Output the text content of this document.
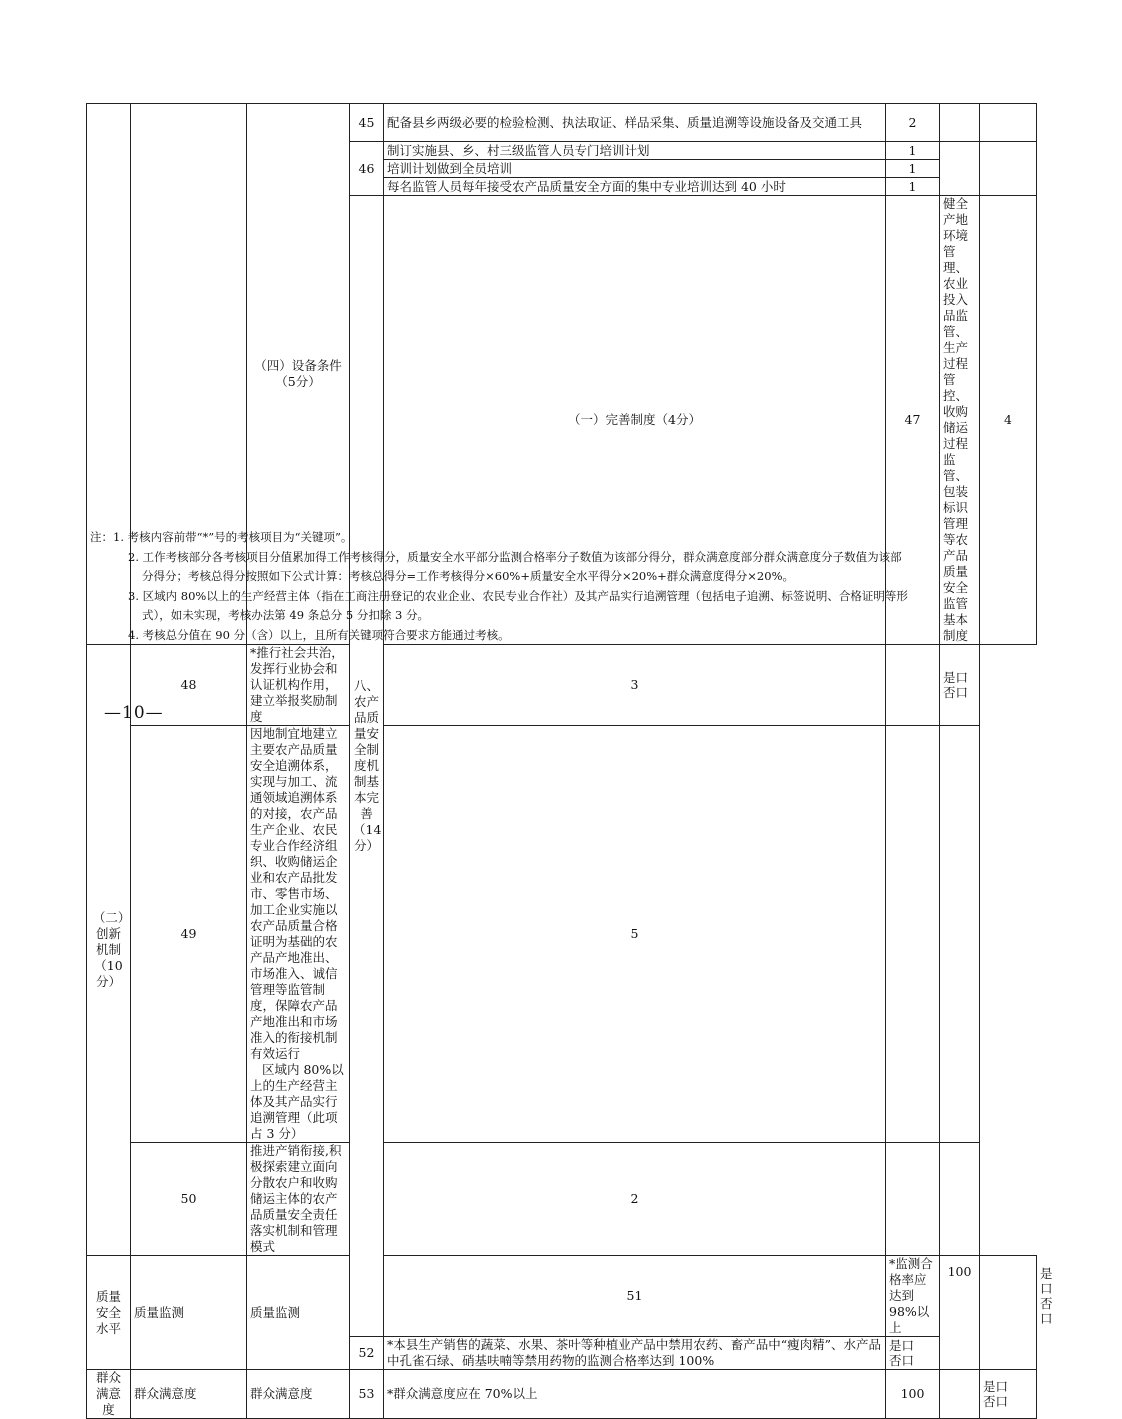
		（四）设备条件（5分）	45	配备县乡两级必要的检验检测、执法取证、样品采集、质量追溯等设施设备及交通工具	2			
			46	制订实施县、乡、村三级监管人员专门培训计划	1			
				培训计划做到全员培训	1			
				每名监管人员每年接受农产品质量安全方面的集中专业培训达到 40 小时	1			
			八、农产品质量安全制度机制基本完善（14分）	（一）完善制度（4分）	47	健全产地环境管理、农业投入品监管、生产过程管控、收购储运过程监管、包装标识管理等农产品质量安全监管基本制度	4		
（二）创新机制（10分）	48	*推行社会共治，发挥行业协会和认证机构作用，建立举报奖励制度		3		是口
否口		
	49	因地制宜地建立主要农产品质量安全追溯体系，实现与加工、流通领域追溯体系的对接，农产品生产企业、农民专业合作经济组织、收购储运企业和农产品批发市、零售市场、加工企业实施以农产品质量合格证明为基础的农产品产地准出、市场准入、诚信管理等监管制度，保障农产品产地准出和市场准入的衔接机制有效运行
区域内 80%以上的生产经营主体及其产品实行追溯管理（此项占 3 分）		5				
	50	推进产销衔接,积极探索建立面向分散农户和收购储运主体的农产品质量安全责任落实机制和管理模式		2				
质量安全水平	质量监测	质量监测		51	*监测合格率应达到 98%以上	100		是口
否口
			52	*本县生产销售的蔬菜、水果、茶叶等种植业产品中禁用农药、畜产品中“瘦肉精”、水产品中孔雀石绿、硝基呋喃等禁用药物的监测合格率达到 100%	是口
否口			
群众满意度	群众满意度	群众满意度	53	*群众满意度应在 70%以上	100		是口
否口	
注：1. 考核内容前带“*”号的考核项目为“关键项”。
2. 工作考核部分各考核项目分值累加得工作考核得分，质量安全水平部分监测合格率分子数值为该部分得分，群众满意度部分群众满意度分子数值为该部
分得分；考核总得分按照如下公式计算：考核总得分=工作考核得分×60%+质量安全水平得分×20%+群众满意度得分×20%。
3. 区域内 80%以上的生产经营主体（指在工商注册登记的农业企业、农民专业合作社）及其产品实行追溯管理（包括电子追溯、标签说明、合格证明等形
式），如未实现，考核办法第 49 条总分 5 分扣除 3 分。
4. 考核总分值在 90 分（含）以上，且所有关键项符合要求方能通过考核。
—10—
